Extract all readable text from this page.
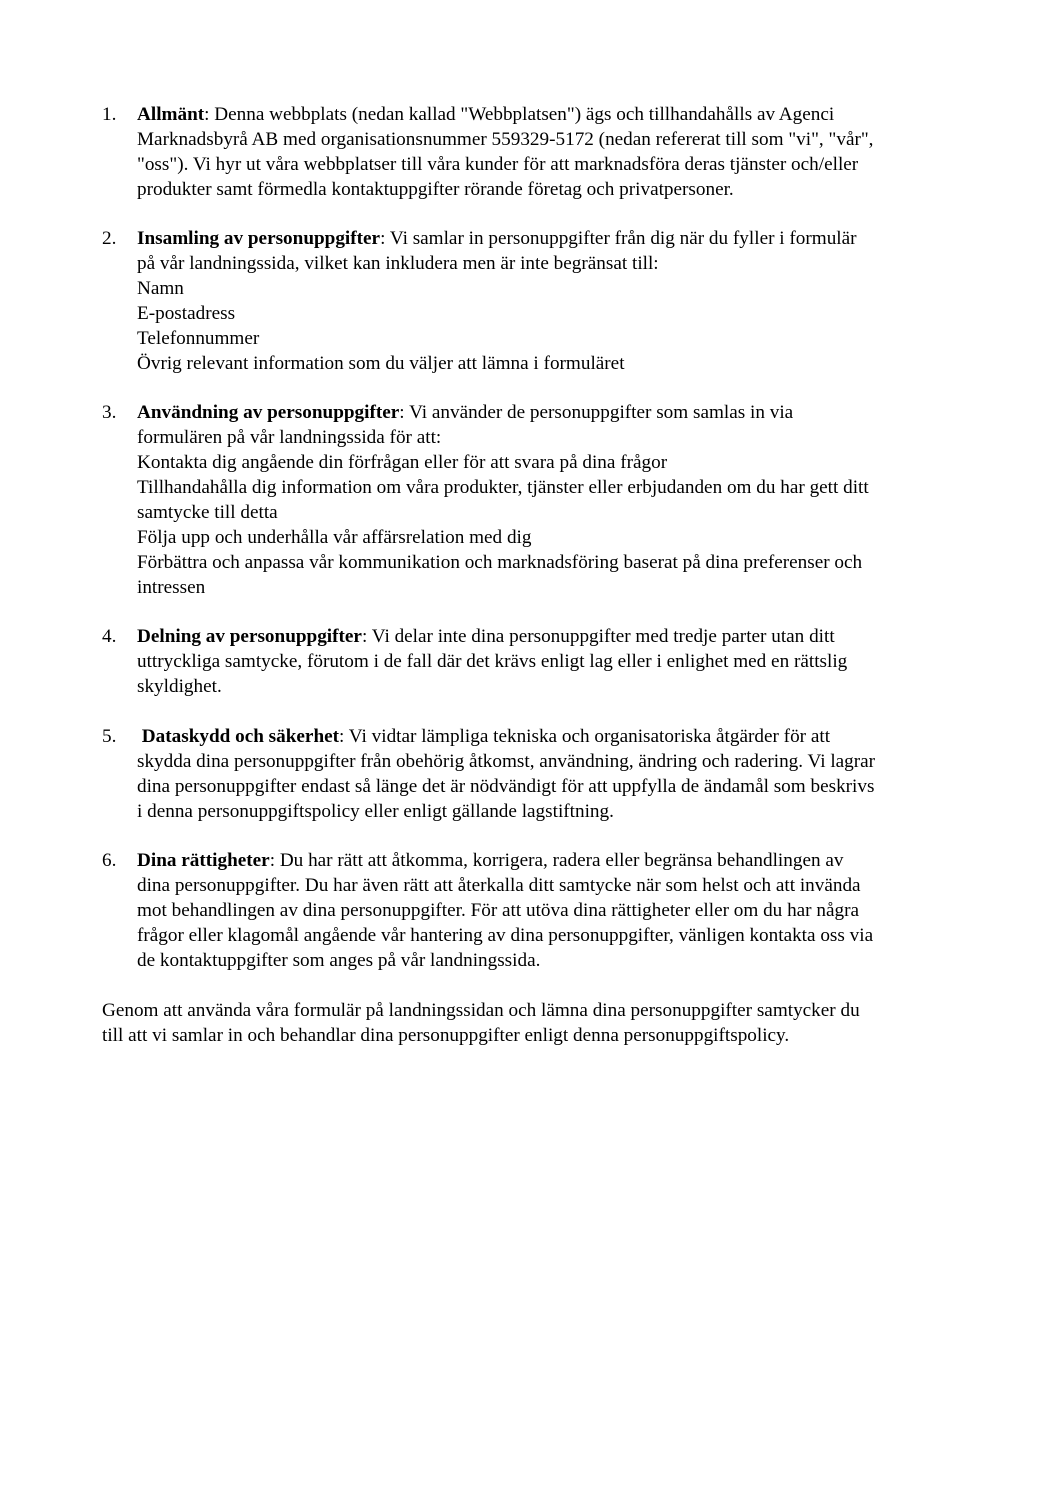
1.	Allmänt: Denna webbplats (nedan kallad "Webbplatsen") ägs och tillhandahålls av Agenci
Marknadsbyrå AB med organisationsnummer 559329-5172 (nedan refererat till som "vi", "vår",
"oss"). Vi hyr ut våra webbplatser till våra kunder för att marknadsföra deras tjänster och/eller
produkter samt förmedla kontaktuppgifter rörande företag och privatpersoner.
2.	Insamling av personuppgifter: Vi samlar in personuppgifter från dig när du fyller i formulär
på vår landningssida, vilket kan inkludera men är inte begränsat till:
Namn
E-postadress
Telefonnummer
Övrig relevant information som du väljer att lämna i formuläret
3.	Användning av personuppgifter: Vi använder de personuppgifter som samlas in via
formulären på vår landningssida för att:
Kontakta dig angående din förfrågan eller för att svara på dina frågor
Tillhandahålla dig information om våra produkter, tjänster eller erbjudanden om du har gett ditt
samtycke till detta
Följa upp och underhålla vår affärsrelation med dig
Förbättra och anpassa vår kommunikation och marknadsföring baserat på dina preferenser och
intressen
4.	Delning av personuppgifter: Vi delar inte dina personuppgifter med tredje parter utan ditt
uttryckliga samtycke, förutom i de fall där det krävs enligt lag eller i enlighet med en rättslig
skyldighet.
5.	Dataskydd och säkerhet: Vi vidtar lämpliga tekniska och organisatoriska åtgärder för att
skydda dina personuppgifter från obehörig åtkomst, användning, ändring och radering. Vi lagrar
dina personuppgifter endast så länge det är nödvändigt för att uppfylla de ändamål som beskrivs
i denna personuppgiftspolicy eller enligt gällande lagstiftning.
6.	Dina rättigheter: Du har rätt att åtkomma, korrigera, radera eller begränsa behandlingen av
dina personuppgifter. Du har även rätt att återkalla ditt samtycke när som helst och att invända
mot behandlingen av dina personuppgifter. För att utöva dina rättigheter eller om du har några
frågor eller klagomål angående vår hantering av dina personuppgifter, vänligen kontakta oss via
de kontaktuppgifter som anges på vår landningssida.
Genom att använda våra formulär på landningssidan och lämna dina personuppgifter samtycker du
till att vi samlar in och behandlar dina personuppgifter enligt denna personuppgiftspolicy.
